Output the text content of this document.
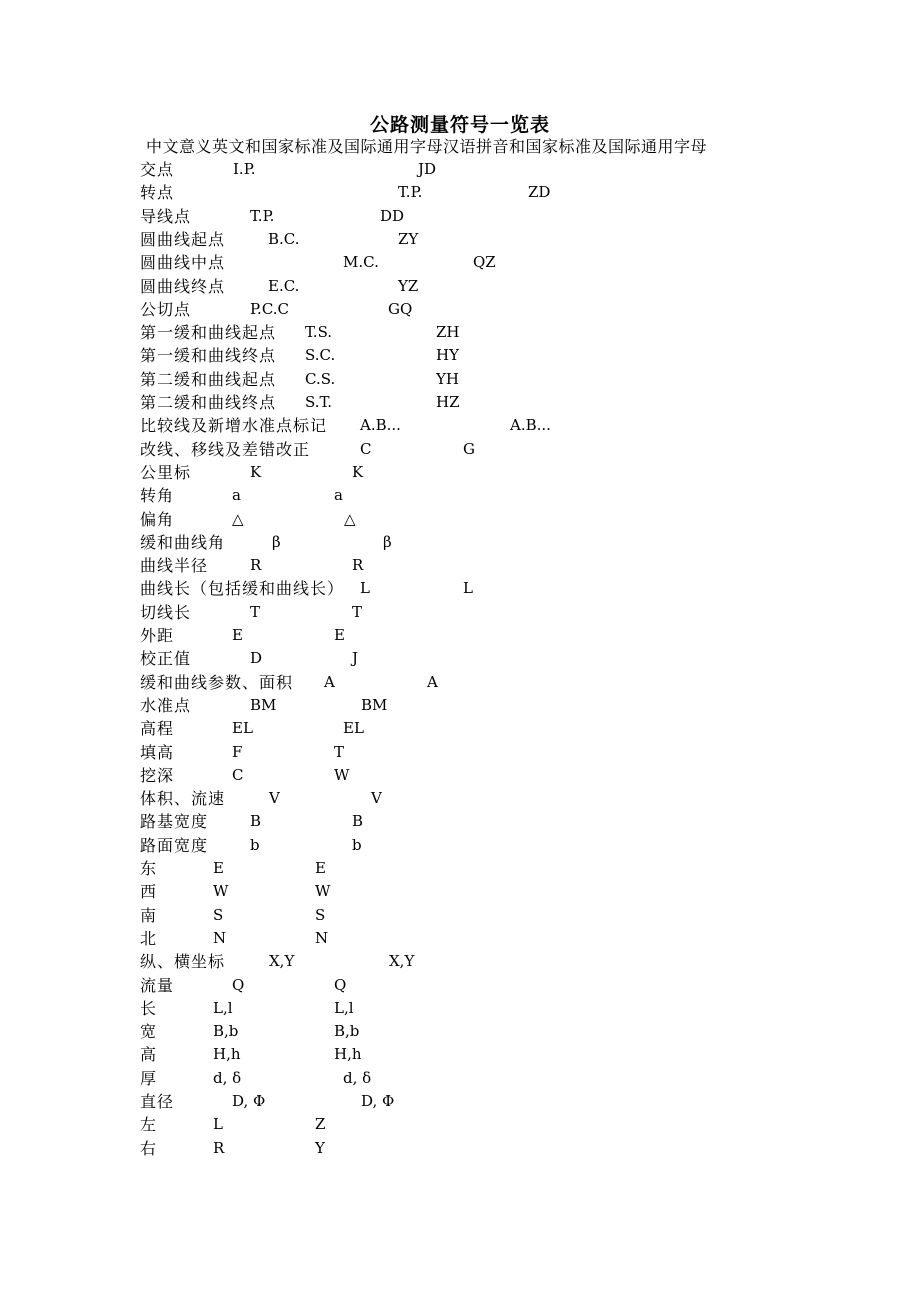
公路测量符号一览表
中文意义英文和国家标准及国际通用字母汉语拼音和国家标准及国际通用字母
交点	I.P.	JD
转点	T.P.	ZD
导线点	T.P.	DD
圆曲线起点	B.C.	ZY
圆曲线中点	M.C.	QZ
圆曲线终点	E.C.	YZ
公切点	P.C.C	GQ
第一缓和曲线起点 T.S.	ZH
第一缓和曲线终点 S.C.	HY
第二缓和曲线起点 C.S.	YH
第二缓和曲线终点 S.T.	HZ
比较线及新增水准点标记 A.B...	A.B...
改线、移线及差错改正	C	G
公里标	K	K
转角	a	a
偏角	△	△
缓和曲线角	β	β
曲线半径	R	R
曲线长（包括缓和曲线长） L	L
切线长	T	T
外距	E	E
校正值	D	J
缓和曲线参数、面积 A	A
水准点	BM	BM
高程	EL	EL
填高	F	T
挖深	C	W
体积、流速	V	V
路基宽度	B	B
路面宽度	b	b
东	E	E
西	W	W
南	S	S
北	N	N
纵、横坐标	X,Y	X,Y
流量	Q	Q
长	L,l	L,l
宽	B,b	B,b
高	H,h	H,h
厚	d, δ	d, δ
直径	D, Φ	D, Φ
左	L	Z
右	R	Y
